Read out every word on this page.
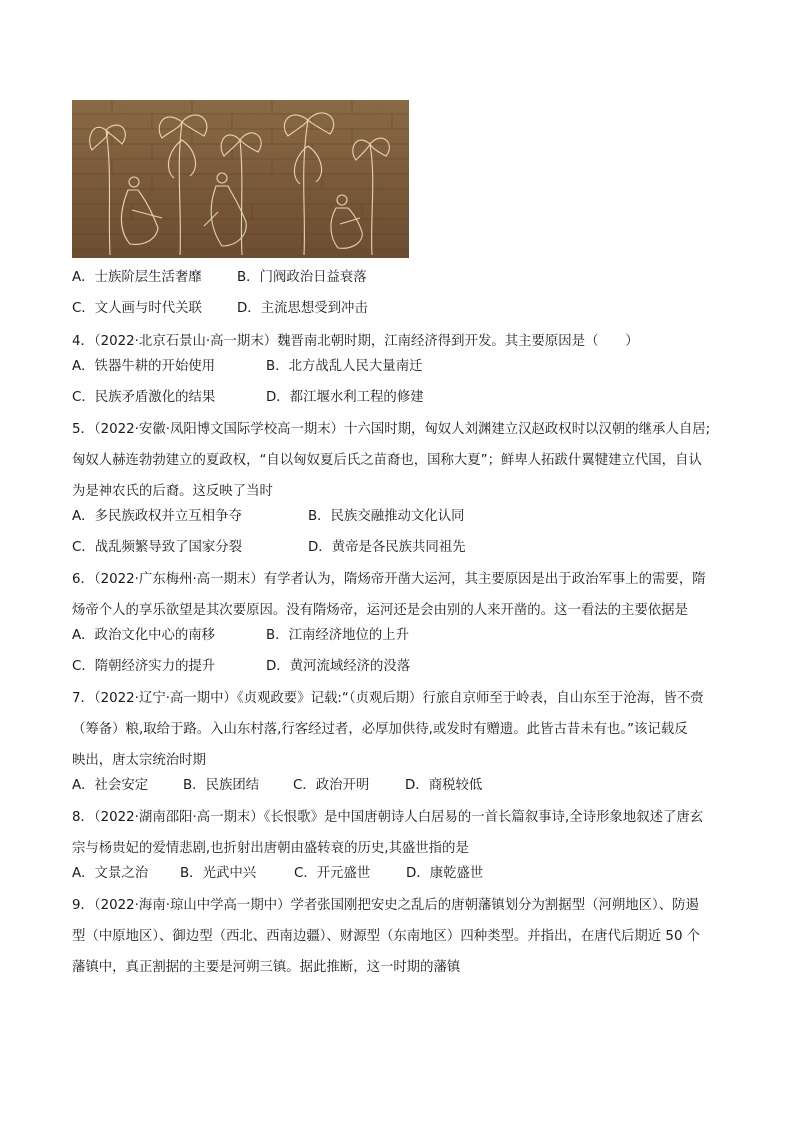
A．士族阶层生活奢靡	B．门阀政治日益衰落
C．文人画与时代关联	D．主流思想受到冲击
4．（2022·北京石景山·高一期末）魏晋南北朝时期，江南经济得到开发。其主要原因是（　　）
A．铁器牛耕的开始使用	B．北方战乱人民大量南迁
C．民族矛盾激化的结果	D．都江堰水利工程的修建
5．（2022·安徽·凤阳博文国际学校高一期末）十六国时期，匈奴人刘渊建立汉赵政权时以汉朝的继承人自居;
匈奴人赫连勃勃建立的夏政权，“自以匈奴夏后氏之苗裔也，国称大夏”；鲜卑人拓跋什翼犍建立代国，自认
为是神农氏的后裔。这反映了当时
A．多民族政权并立互相争夺	B．民族交融推动文化认同
C．战乱频繁导致了国家分裂	D．黄帝是各民族共同祖先
6．（2022·广东梅州·高一期末）有学者认为，隋炀帝开凿大运河，其主要原因是出于政治军事上的需要，隋
炀帝个人的享乐欲望是其次要原因。没有隋炀帝，运河还是会由别的人来开凿的。这一看法的主要依据是
A．政治文化中心的南移	B．江南经济地位的上升
C．隋朝经济实力的提升	D．黄河流域经济的没落
7．（2022·辽宁·高一期中）《贞观政要》记载:“（贞观后期）行旅自京师至于岭表，自山东至于沧海，皆不赍
（筹备）粮,取给于路。入山东村落,行客经过者，必厚加供待,或发时有赠遗。此皆古昔未有也。”该记载反
映出，唐太宗统治时期
A．社会安定	B．民族团结	C．政治开明	D．商税较低
8．（2022·湖南邵阳·高一期末）《长恨歌》是中国唐朝诗人白居易的一首长篇叙事诗,全诗形象地叙述了唐玄
宗与杨贵妃的爱情悲剧,也折射出唐朝由盛转衰的历史,其盛世指的是
A．文景之治	B．光武中兴	C．开元盛世	D．康乾盛世
9．（2022·海南·琼山中学高一期中）学者张国刚把安史之乱后的唐朝藩镇划分为割据型（河朔地区）、防遏
型（中原地区）、御边型（西北、西南边疆）、财源型（东南地区）四种类型。并指出，在唐代后期近 50 个
藩镇中，真正割据的主要是河朔三镇。据此推断，这一时期的藩镇
